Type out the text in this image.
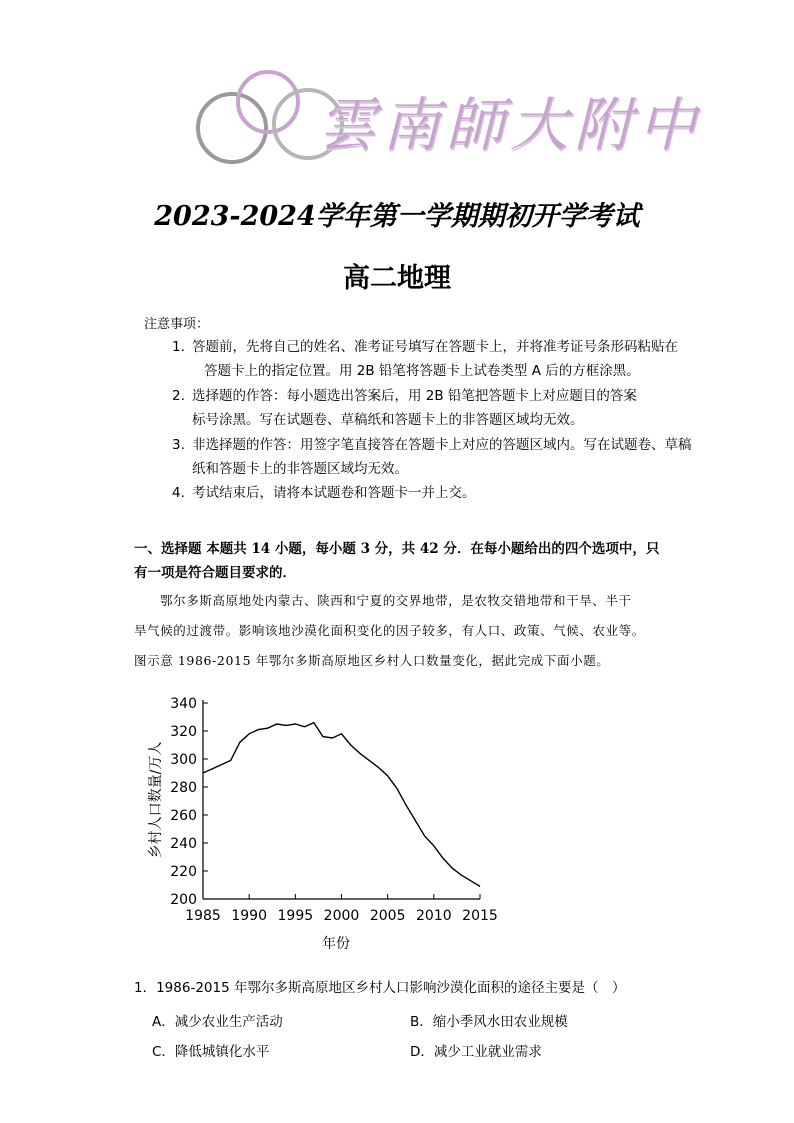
雲南師大附中
2023-2024学年第一学期期初开学考试
高二地理
注意事项：
1. 答题前，先将自己的姓名、准考证号填写在答题卡上，并将准考证号条形码粘贴在
答题卡上的指定位置。用 2B 铅笔将答题卡上试卷类型 A 后的方框涂黑。
2. 选择题的作答：每小题选出答案后，用 2B 铅笔把答题卡上对应题目的答案
标号涂黑。写在试题卷、草稿纸和答题卡上的非答题区域均无效。
3. 非选择题的作答：用签字笔直接答在答题卡上对应的答题区域内。写在试题卷、草稿
纸和答题卡上的非答题区域均无效。
4. 考试结束后，请将本试题卷和答题卡一并上交。
一、选择题 本题共 14 小题，每小题 3 分，共 42 分．在每小题给出的四个选项中，只
有一项是符合题目要求的．
鄂尔多斯高原地处内蒙古、陕西和宁夏的交界地带，是农牧交错地带和干旱、半干
旱气候的过渡带。影响该地沙漠化面积变化的因子较多，有人口、政策、气候、农业等。
图示意 1986-2015 年鄂尔多斯高原地区乡村人口数量变化，据此完成下面小题。
200
220
240
260
280
300
320
340
1985 1990 1995 2000 2005 2010 2015
乡村人口数量/万人
年份
1．1986-2015 年鄂尔多斯高原地区乡村人口影响沙漠化面积的途径主要是（　）
A．减少农业生产活动	B．缩小季风水田农业规模
C．降低城镇化水平	D．减少工业就业需求
